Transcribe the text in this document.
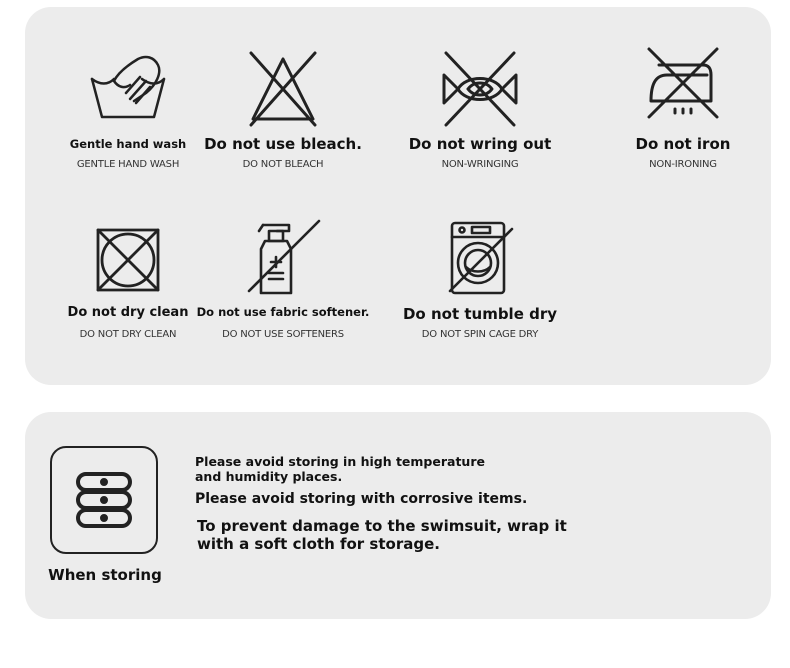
Gentle hand wash
GENTLE HAND WASH
Do not use bleach.
DO NOT BLEACH
Do not wring out
NON-WRINGING
Do not iron
NON-IRONING
Do not dry clean
DO NOT DRY CLEAN
Do not use fabric softener.
DO NOT USE SOFTENERS
Do not tumble dry
DO NOT SPIN CAGE DRY
When storing
Please avoid storing in high temperature
and humidity places.
Please avoid storing with corrosive items.
To prevent damage to the swimsuit, wrap it
with a soft cloth for storage.
